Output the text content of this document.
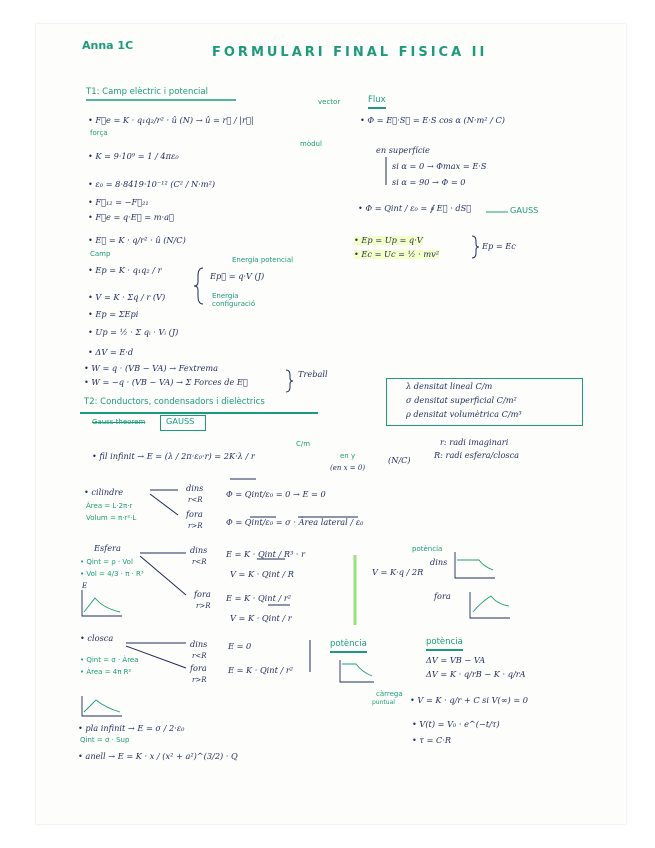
Anna 1C	FORMULARI FINAL FISICA II
T1: Camp elèctric i potencial
• F⃗e = K · q₁q₂/r² · û (N) → û = r⃗ / |r⃗|
vector
mòdul
força
• K = 9·10⁹ = 1 / 4πε₀
• ε₀ = 8·8419·10⁻¹² (C² / N·m²)
• F⃗₁₂ = −F⃗₂₁
• F⃗e = q·E⃗ = m·a⃗
• E⃗ = K · q/r² · û (N/C)
Camp
• Ep = K · q₁q₂ / r
Energia potencial
Ep⃗ = q·V (J)
• V = K · Σq / r (V)	Energia configuració
• Ep = ΣEpi
• Up = ½ · Σ qᵢ · Vᵢ (J)
• ΔV = E·d
• W = q · (VB − VA) → Fextrema
• W = −q · (VB − VA) → Σ Forces de E⃗
Treball
Flux
• Φ = E⃗·S⃗ = E·S cos α (N·m² / C)
en superfície
si α = 0 → Φmax = E·S
si α = 90 → Φ = 0
• Φ = Qint / ε₀ = ∮ E⃗ · dS⃗	GAUSS
• Ep = Up = q·V
• Ec = Uc = ½ · mv²
Ep = Ec
λ densitat lineal C/m
σ densitat superficial C/m²
ρ densitat volumètrica C/m³
T2: Conductors, condensadors i dielèctrics
Gauss theorem	GAUSS
r: radi imaginari
R: radi esfera/closca
• fil infinit → E = (λ / 2π·ε₀·r) = 2K·λ / r
C/m
en y
(en x = 0)
(N/C)
• cilindre
Àrea = L·2π·r
Volum = π·r²·L
dins
r<R
Φ = Qint/ε₀ = 0 → E = 0
fora
r>R	Φ = Qint/ε₀ = σ · Àrea lateral / ε₀
Esfera
• Qint = ρ · Vol
• Vol = 4/3 · π · R³
E
dins
r<R
E = K · Qint / R³ · r
V = K · Qint / R
fora
r>R
E = K · Qint / r²
V = K · Qint / r
V = K·q / 2R
potència
dins
fora
• closca
• Qint = σ · Àrea
• Àrea = 4π R²
dins
r<R
E = 0
fora
r>R
E = K · Qint / r²
potència	potència
ΔV = VB − VA
ΔV = K · q/rB − K · q/rA
càrrega
puntual • V = K · q/r + C si V(∞) = 0
• V(t) = V₀ · e^(−t/τ)
• τ = C·R
• pla infinit → E = σ / 2·ε₀
Qint = σ · Sup
• anell → E = K · x / (x² + a²)^(3/2) · Q
